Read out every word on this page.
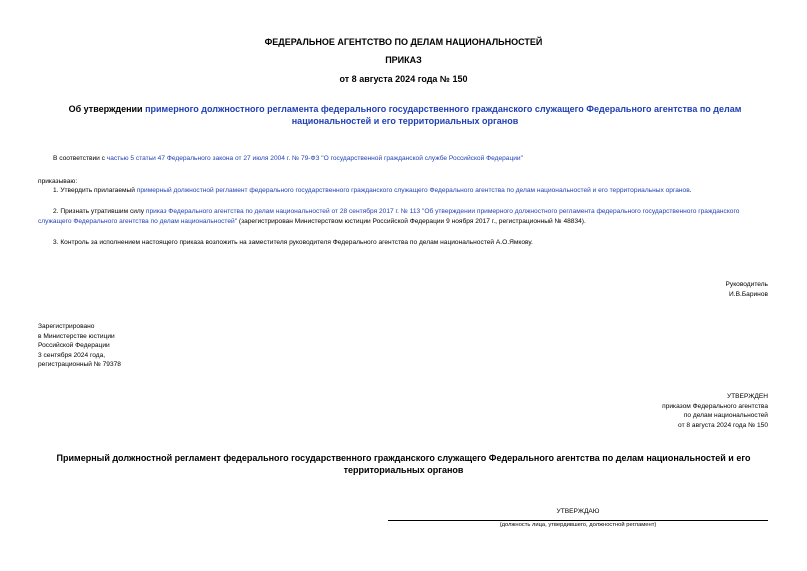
ФЕДЕРАЛЬНОЕ АГЕНТСТВО ПО ДЕЛАМ НАЦИОНАЛЬНОСТЕЙ
ПРИКАЗ
от 8 августа 2024 года № 150
Об утверждении примерного должностного регламента федерального государственного гражданского служащего Федерального агентства по делам национальностей и его территориальных органов
В соответствии с частью 5 статьи 47 Федерального закона от 27 июля 2004 г. № 79-ФЗ "О государственной гражданской службе Российской Федерации"
приказываю:
1. Утвердить прилагаемый примерный должностной регламент федерального государственного гражданского служащего Федерального агентства по делам национальностей и его территориальных органов.
2. Признать утратившим силу приказ Федерального агентства по делам национальностей от 28 сентября 2017 г. № 113 "Об утверждении примерного должностного регламента федерального государственного гражданского служащего Федерального агентства по делам национальностей" (зарегистрирован Министерством юстиции Российской Федерации 9 ноября 2017 г., регистрационный № 48834).
3. Контроль за исполнением настоящего приказа возложить на заместителя руководителя Федерального агентства по делам национальностей А.О.Ямкову.
Руководитель
И.В.Баринов
Зарегистрировано
в Министерстве юстиции
Российской Федерации
3 сентября 2024 года,
регистрационный № 79378
УТВЕРЖДЕН
приказом Федерального агентства
по делам национальностей
от 8 августа 2024 года № 150
Примерный должностной регламент федерального государственного гражданского служащего Федерального агентства по делам национальностей и его территориальных органов
УТВЕРЖДАЮ
(должность лица, утвердившего, должностной регламент)
